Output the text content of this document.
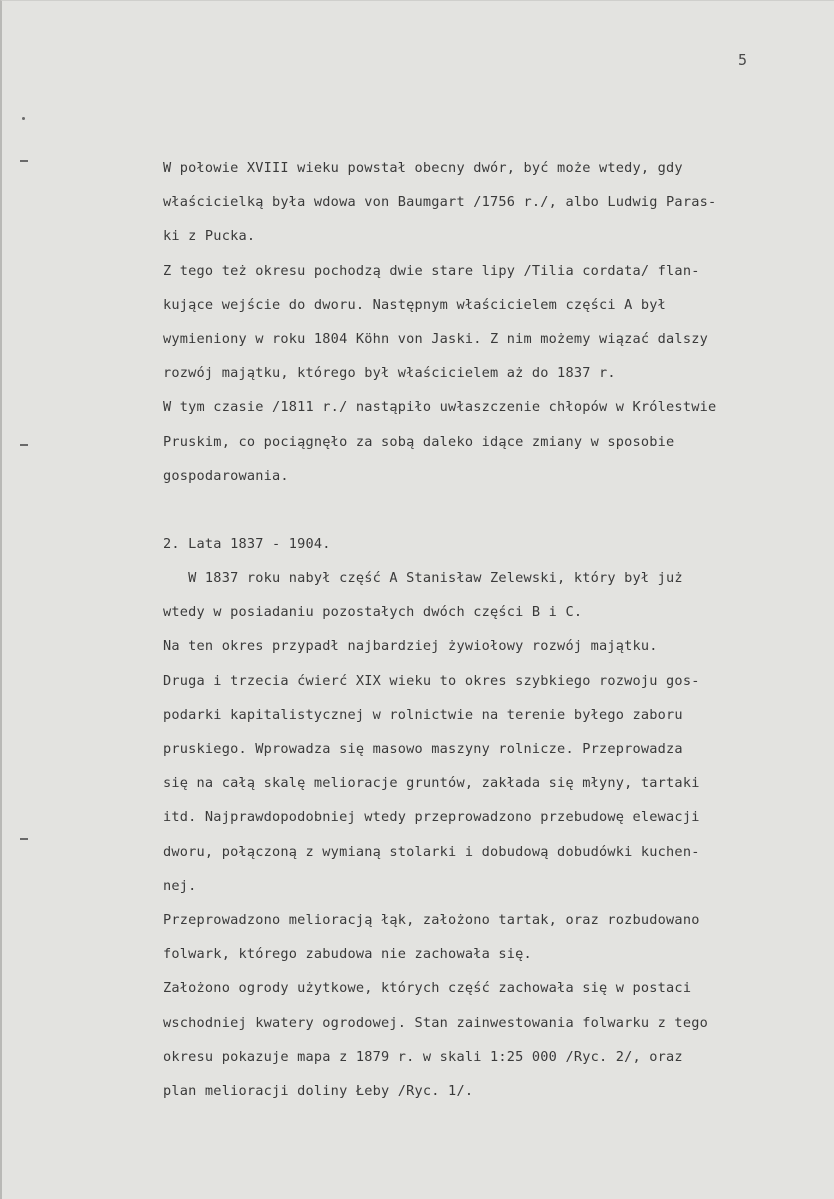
5
W połowie XVIII wieku powstał obecny dwór, być może wtedy, gdy
właścicielką była wdowa von Baumgart /1756 r./, albo Ludwig Paras-
ki z Pucka.
Z tego też okresu pochodzą dwie stare lipy /Tilia cordata/ flan-
kujące wejście do dworu. Następnym właścicielem części A był
wymieniony w roku 1804 Köhn von Jaski. Z nim możemy wiązać dalszy
rozwój majątku, którego był właścicielem aż do 1837 r.
W tym czasie /1811 r./ nastąpiło uwłaszczenie chłopów w Królestwie
Pruskim, co pociągnęło za sobą daleko idące zmiany w sposobie
gospodarowania.
2. Lata 1837 - 1904.
W 1837 roku nabył część A Stanisław Zelewski, który był już
wtedy w posiadaniu pozostałych dwóch części B i C.
Na ten okres przypadł najbardziej żywiołowy rozwój majątku.
Druga i trzecia ćwierć XIX wieku to okres szybkiego rozwoju gos-
podarki kapitalistycznej w rolnictwie na terenie byłego zaboru
pruskiego. Wprowadza się masowo maszyny rolnicze. Przeprowadza
się na całą skalę melioracje gruntów, zakłada się młyny, tartaki
itd. Najprawdopodobniej wtedy przeprowadzono przebudowę elewacji
dworu, połączoną z wymianą stolarki i dobudową dobudówki kuchen-
nej.
Przeprowadzono melioracją łąk, założono tartak, oraz rozbudowano
folwark, którego zabudowa nie zachowała się.
Założono ogrody użytkowe, których część zachowała się w postaci
wschodniej kwatery ogrodowej. Stan zainwestowania folwarku z tego
okresu pokazuje mapa z 1879 r. w skali 1:25 000 /Ryc. 2/, oraz
plan melioracji doliny Łeby /Ryc. 1/.
